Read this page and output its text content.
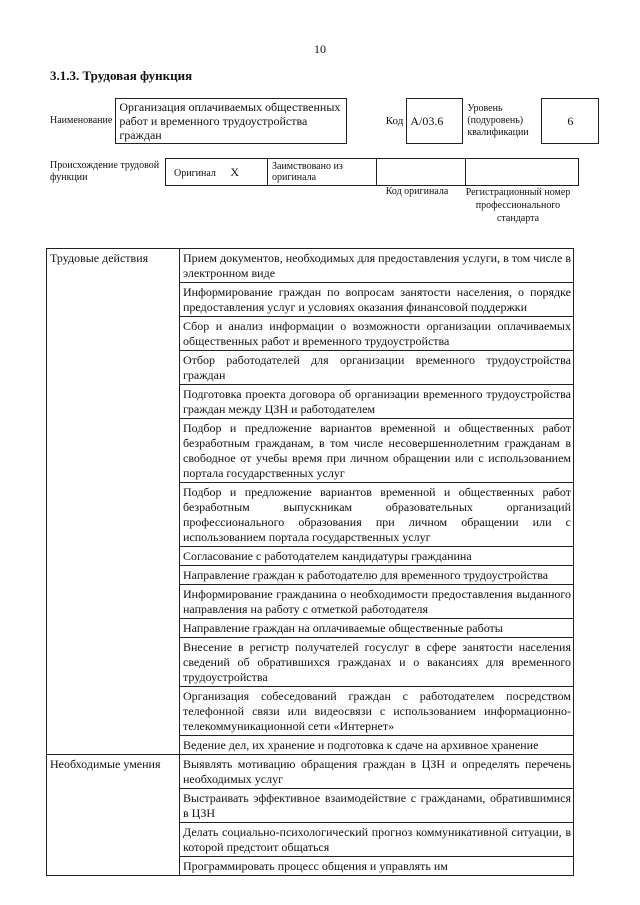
10
3.1.3. Трудовая функция
Наименование	Организация оплачиваемых общественных работ и временного трудоустройства граждан	Код	А/03.6	Уровень (подуровень) квалификации	6
Происхождение трудовой функции	Оригинал X	Заимствовано из оригинала		
Код оригинала	Регистрационный номер профессионального стандарта
Трудовые действия	Прием документов, необходимых для предоставления услуги, в том числе в электронном виде
	Информирование граждан по вопросам занятости населения, о порядке предоставления услуг и условиях оказания финансовой поддержки
	Сбор и анализ информации о возможности организации оплачиваемых общественных работ и временного трудоустройства
	Отбор работодателей для организации временного трудоустройства граждан
	Подготовка проекта договора об организации временного трудоустройства граждан между ЦЗН и работодателем
	Подбор и предложение вариантов временной и общественных работ безработным гражданам, в том числе несовершеннолетним гражданам в свободное от учебы время при личном обращении или с использованием портала государственных услуг
	Подбор и предложение вариантов временной и общественных работ безработным выпускникам образовательных организаций профессионального образования при личном обращении или с использованием портала государственных услуг
	Согласование с работодателем кандидатуры гражданина
	Направление граждан к работодателю для временного трудоустройства
	Информирование гражданина о необходимости предоставления выданного направления на работу с отметкой работодателя
	Направление граждан на оплачиваемые общественные работы
	Внесение в регистр получателей госуслуг в сфере занятости населения сведений об обратившихся гражданах и о вакансиях для временного трудоустройства
	Организация собеседований граждан с работодателем посредством телефонной связи или видеосвязи с использованием информационно-телекоммуникационной сети «Интернет»
	Ведение дел, их хранение и подготовка к сдаче на архивное хранение
Необходимые умения	Выявлять мотивацию обращения граждан в ЦЗН и определять перечень необходимых услуг
	Выстраивать эффективное взаимодействие с гражданами, обратившимися в ЦЗН
	Делать социально-психологический прогноз коммуникативной ситуации, в которой предстоит общаться
	Программировать процесс общения и управлять им
